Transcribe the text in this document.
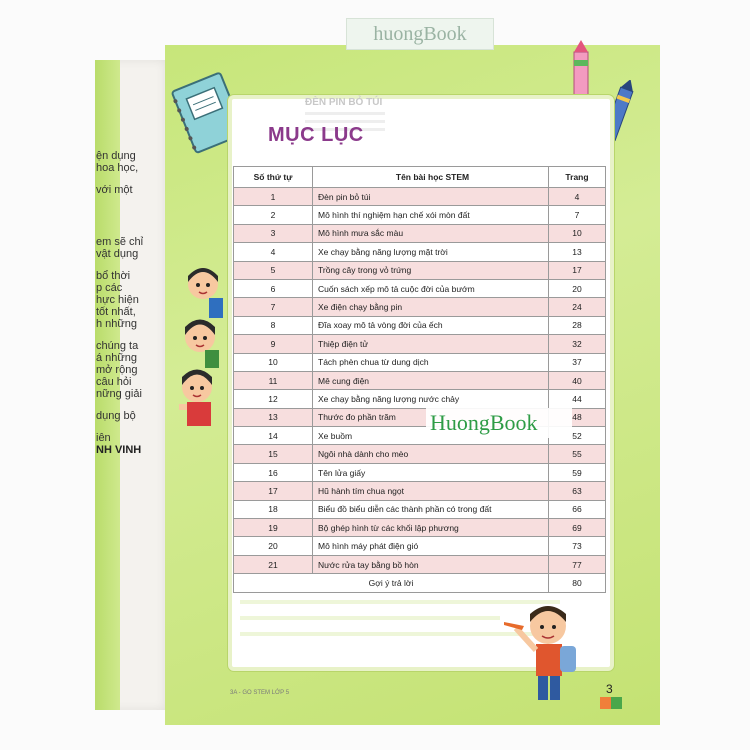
ện dụng
hoa học,
với một
em sẽ chỉ
vật dụng
bổ thời
p các
hực hiện
tốt nhất,
h những
chúng ta
á những
mở rộng
câu hỏi
nững giải
dụng bộ
iên
NH VINH
huongBook
ĐÈN PIN BỎ TÚI
MỤC LỤC
Số thứ tự	Tên bài học STEM	Trang
1	Đèn pin bỏ túi	4
2	Mô hình thí nghiệm hạn chế xói mòn đất	7
3	Mô hình mưa sắc màu	10
4	Xe chạy bằng năng lượng mặt trời	13
5	Trồng cây trong vỏ trứng	17
6	Cuốn sách xếp mô tả cuộc đời của bướm	20
7	Xe điện chạy bằng pin	24
8	Đĩa xoay mô tả vòng đời của ếch	28
9	Thiệp điện tử	32
10	Tách phèn chua từ dung dịch	37
11	Mê cung điện	40
12	Xe chạy bằng năng lượng nước chảy	44
13	Thước đo phần trăm	48
14	Xe buồm	52
15	Ngôi nhà dành cho mèo	55
16	Tên lửa giấy	59
17	Hũ hành tím chua ngọt	63
18	Biểu đồ biểu diễn các thành phần có trong đất	66
19	Bộ ghép hình từ các khối lập phương	69
20	Mô hình máy phát điện gió	73
21	Nước rửa tay bằng bồ hòn	77
Gợi ý trả lời		80
HuongBook
3A - GO STEM LỚP 5	3
